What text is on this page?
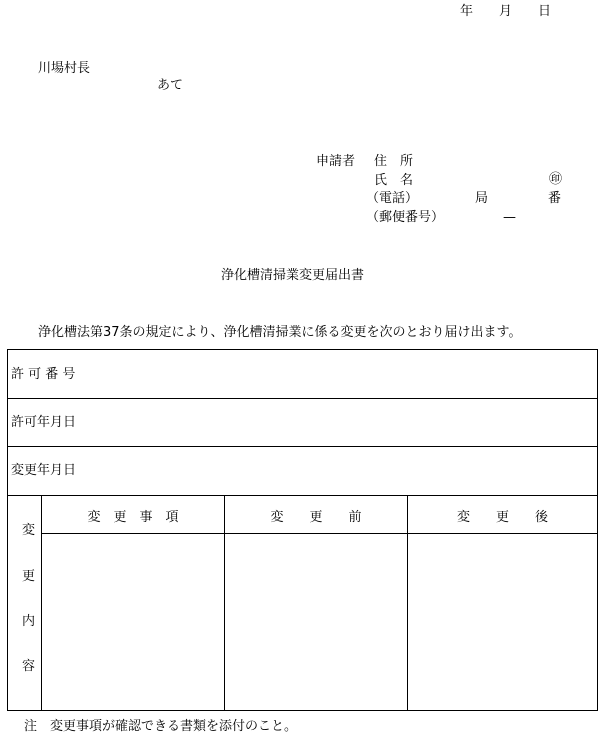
年　　月　　日
川場村長
あて
申請者 住　所
氏　名	㊞
（電話）	局	番
（郵便番号）	—
浄化槽清掃業変更届出書
浄化槽法第37条の規定により、浄化槽清掃業に係る変更を次のとおり届け出ます。
許 可 番 号
許可年月日
変更年月日
変
更
内
容
変　更　事　項	変　　更　　前	変　　更　　後
注　変更事項が確認できる書類を添付のこと。
